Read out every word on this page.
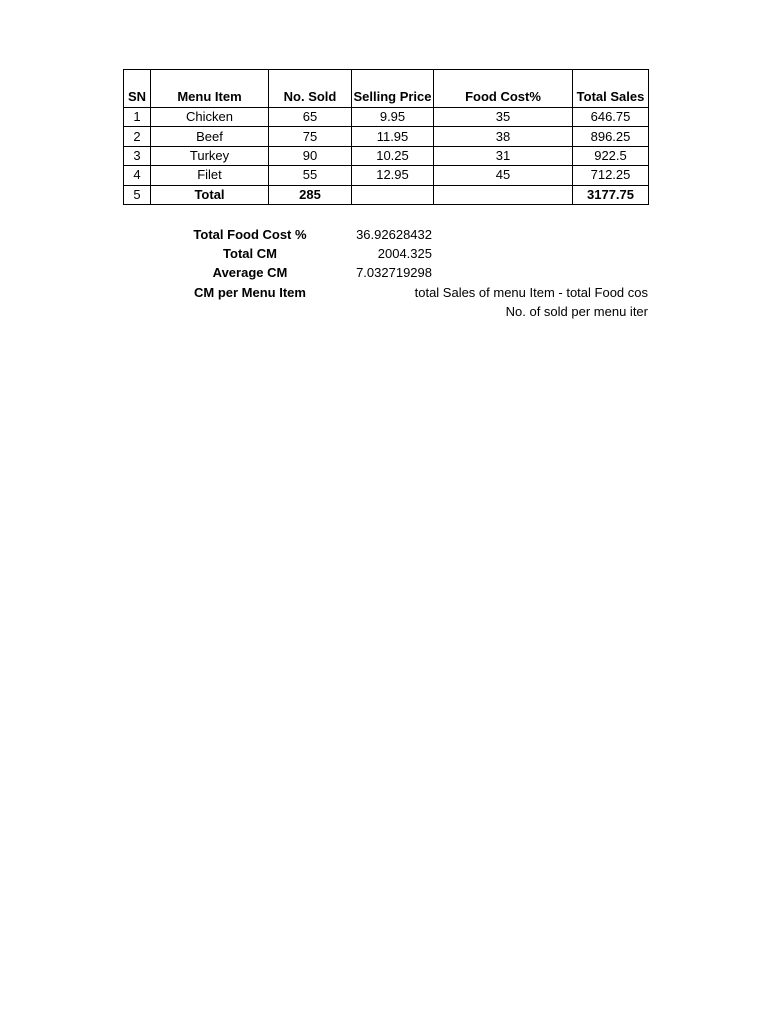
SN	Menu Item	No. Sold	Selling Price	Food Cost%	Total Sales
1	Chicken	65	9.95	35	646.75
2	Beef	75	11.95	38	896.25
3	Turkey	90	10.25	31	922.5
4	Filet	55	12.95	45	712.25
5	Total	285			3177.75
Total Food Cost %	36.92628432
Total CM	2004.325
Average CM	7.032719298
CM per Menu Item	total Sales of menu Item - total Food cos
No. of sold per menu iter
